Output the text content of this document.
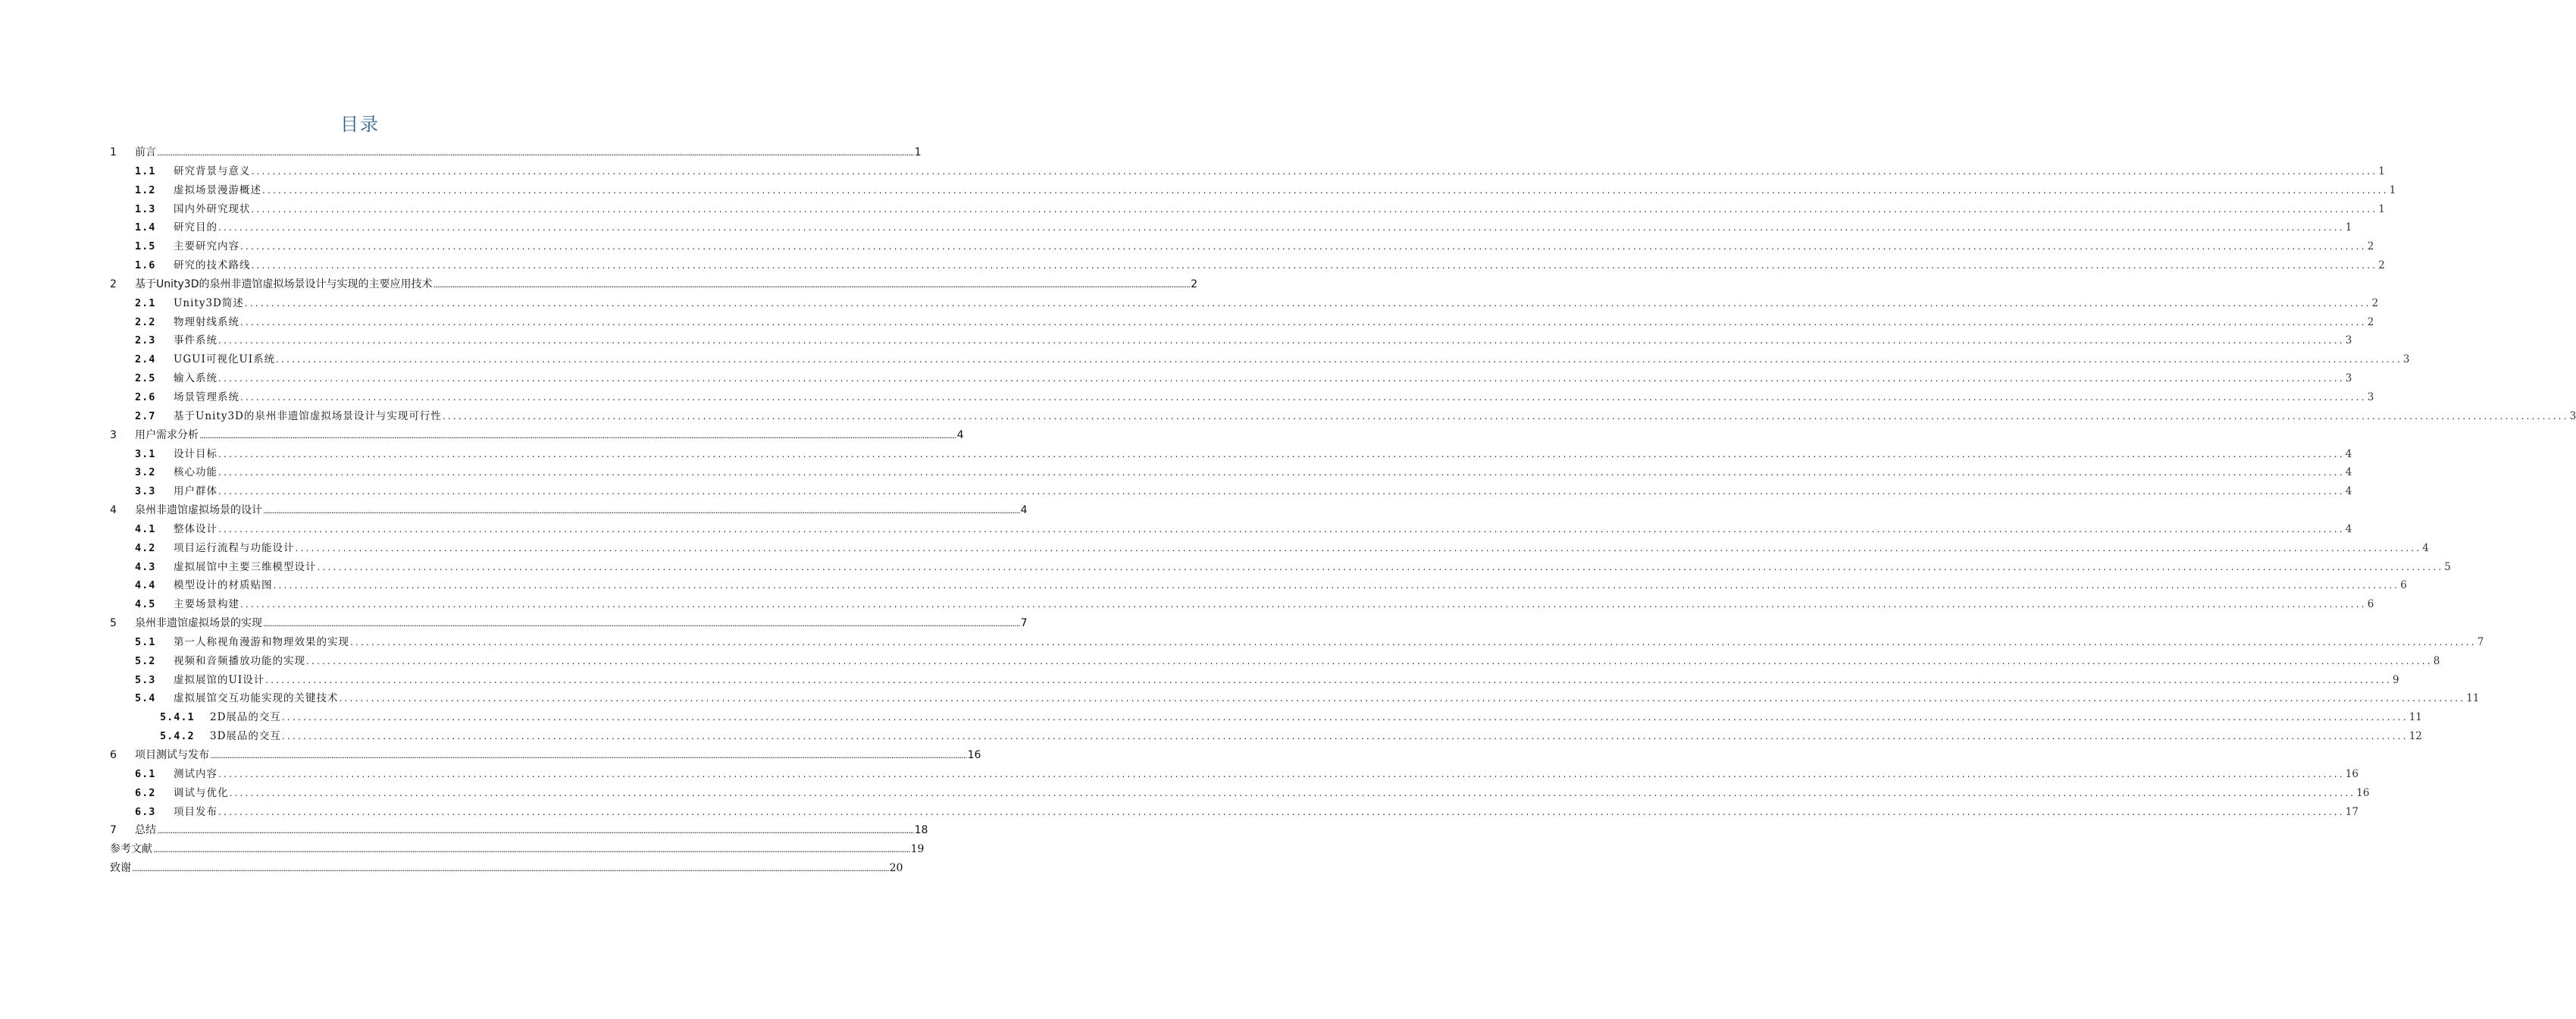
目录
1	前言 ................................................................................................................................................................................................................................................................................................................................................................................................................ 1
1.1	研究背景与意义 ................................................................................................................................................................................................................................................................................................................................................................................................................ 1
1.2	虚拟场景漫游概述 ................................................................................................................................................................................................................................................................................................................................................................................................................ 1
1.3	国内外研究现状 ................................................................................................................................................................................................................................................................................................................................................................................................................ 1
1.4	研究目的 ................................................................................................................................................................................................................................................................................................................................................................................................................ 1
1.5	主要研究内容 ................................................................................................................................................................................................................................................................................................................................................................................................................ 2
1.6	研究的技术路线 ................................................................................................................................................................................................................................................................................................................................................................................................................ 2
2	基于Unity3D的泉州非遗馆虚拟场景设计与实现的主要应用技术 ................................................................................................................................................................................................................................................................................................................................................................................................................ 2
2.1	Unity3D简述 ................................................................................................................................................................................................................................................................................................................................................................................................................ 2
2.2	物理射线系统 ................................................................................................................................................................................................................................................................................................................................................................................................................ 2
2.3	事件系统 ................................................................................................................................................................................................................................................................................................................................................................................................................ 3
2.4	UGUI可视化UI系统 ................................................................................................................................................................................................................................................................................................................................................................................................................ 3
2.5	输入系统 ................................................................................................................................................................................................................................................................................................................................................................................................................ 3
2.6	场景管理系统 ................................................................................................................................................................................................................................................................................................................................................................................................................ 3
2.7	基于Unity3D的泉州非遗馆虚拟场景设计与实现可行性 ................................................................................................................................................................................................................................................................................................................................................................................................................ 3
3	用户需求分析 ................................................................................................................................................................................................................................................................................................................................................................................................................ 4
3.1	设计目标 ................................................................................................................................................................................................................................................................................................................................................................................................................ 4
3.2	核心功能 ................................................................................................................................................................................................................................................................................................................................................................................................................ 4
3.3	用户群体 ................................................................................................................................................................................................................................................................................................................................................................................................................ 4
4	泉州非遗馆虚拟场景的设计 ................................................................................................................................................................................................................................................................................................................................................................................................................ 4
4.1	整体设计 ................................................................................................................................................................................................................................................................................................................................................................................................................ 4
4.2	项目运行流程与功能设计 ................................................................................................................................................................................................................................................................................................................................................................................................................ 4
4.3	虚拟展馆中主要三维模型设计 ................................................................................................................................................................................................................................................................................................................................................................................................................ 5
4.4	模型设计的材质贴图 ................................................................................................................................................................................................................................................................................................................................................................................................................ 6
4.5	主要场景构建 ................................................................................................................................................................................................................................................................................................................................................................................................................ 6
5	泉州非遗馆虚拟场景的实现 ................................................................................................................................................................................................................................................................................................................................................................................................................ 7
5.1	第一人称视角漫游和物理效果的实现 ................................................................................................................................................................................................................................................................................................................................................................................................................ 7
5.2	视频和音频播放功能的实现 ................................................................................................................................................................................................................................................................................................................................................................................................................ 8
5.3	虚拟展馆的UI设计 ................................................................................................................................................................................................................................................................................................................................................................................................................ 9
5.4	虚拟展馆交互功能实现的关键技术 ................................................................................................................................................................................................................................................................................................................................................................................................................ 11
5.4.1	2D展品的交互 ................................................................................................................................................................................................................................................................................................................................................................................................................ 11
5.4.2	3D展品的交互 ................................................................................................................................................................................................................................................................................................................................................................................................................ 12
6	项目测试与发布 ................................................................................................................................................................................................................................................................................................................................................................................................................ 16
6.1	测试内容 ................................................................................................................................................................................................................................................................................................................................................................................................................ 16
6.2	调试与优化 ................................................................................................................................................................................................................................................................................................................................................................................................................ 16
6.3	项目发布 ................................................................................................................................................................................................................................................................................................................................................................................................................ 17
7	总结 ................................................................................................................................................................................................................................................................................................................................................................................................................ 18
参考文献 ................................................................................................................................................................................................................................................................................................................................................................................................................ 19
致谢 ................................................................................................................................................................................................................................................................................................................................................................................................................ 20
